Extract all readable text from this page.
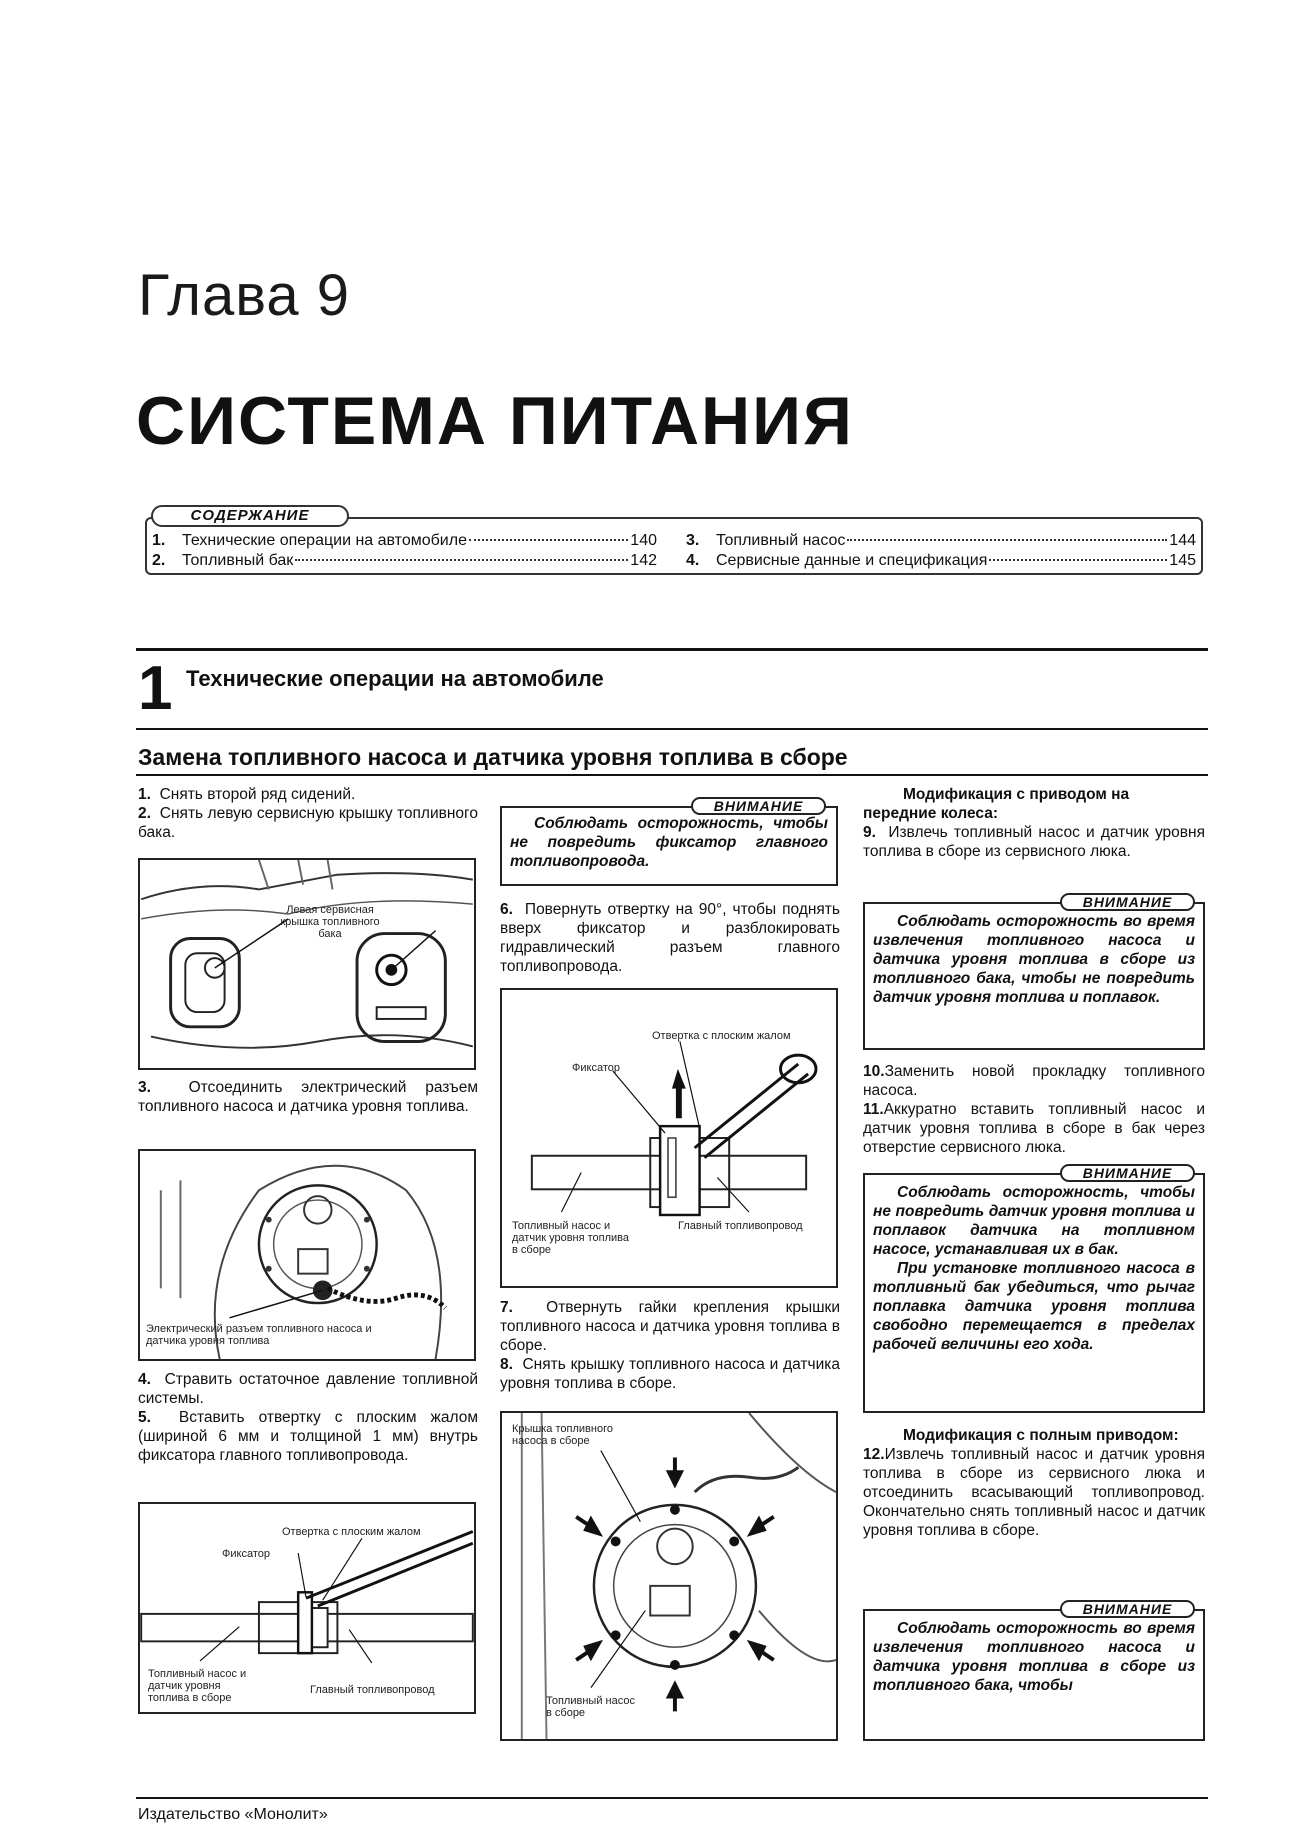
Глава 9
СИСТЕМА ПИТАНИЯ
СОДЕРЖАНИЕ
1.	Технические операции на автомобиле	140
2.	Топливный бак	142
3.	Топливный насос	144
4.	Сервисные данные и спецификация	145
1 Технические операции на автомобиле
Замена топливного насоса и датчика уровня топлива в сборе
1. Снять второй ряд сидений.
2. Снять левую сервисную крышку топливного бака.
Левая сервисная крышка топливного бака
3. Отсоединить электрический разъем топливного насоса и датчика уровня топлива.
Электрический разъем топливного насоса и датчика уровня топлива
4. Стравить остаточное давление топливной системы.
5. Вставить отвертку с плоским жалом (шириной 6 мм и толщиной 1 мм) внутрь фиксатора главного топливопровода.
Отвертка с плоским жалом
Фиксатор
Топливный насос и датчик уровня топлива в сборе
Главный топливопровод
ВНИМАНИЕ
Соблюдать осторожность, чтобы не повредить фиксатор главного топливопровода.
6. Повернуть отвертку на 90°, чтобы поднять вверх фиксатор и разблокировать гидравлический разъем главного топливопровода.
Отвертка с плоским жалом
Фиксатор
Топливный насос и датчик уровня топлива в сборе
Главный топливопровод
7. Отвернуть гайки крепления крышки топливного насоса и датчика уровня топлива в сборе.
8. Снять крышку топливного насоса и датчика уровня топлива в сборе.
Крышка топливного насоса в сборе
Топливный насос в сборе
Модификация с приводом на передние колеса:
9. Извлечь топливный насос и датчик уровня топлива в сборе из сервисного люка.
ВНИМАНИЕ
Соблюдать осторожность во время извлечения топливного насоса и датчика уровня топлива в сборе из топливного бака, чтобы не повредить датчик уровня топлива и поплавок.
10.Заменить новой прокладку топливного насоса.
11.Аккуратно вставить топливный насос и датчик уровня топлива в сборе в бак через отверстие сервисного люка.
ВНИМАНИЕ
Соблюдать осторожность, чтобы не повредить датчик уровня топлива и поплавок датчика на топливном насосе, устанавливая их в бак.
При установке топливного насоса в топливный бак убедиться, что рычаг поплавка датчика уровня топлива свободно перемещается в пределах рабочей величины его хода.
Модификация с полным приводом:
12.Извлечь топливный насос и датчик уровня топлива в сборе из сервисного люка и отсоединить всасывающий топливопровод. Окончательно снять топливный насос и датчик уровня топлива в сборе.
ВНИМАНИЕ
Соблюдать осторожность во время извлечения топливного насоса и датчика уровня топлива в сборе из топливного бака, чтобы
Издательство «Монолит»
